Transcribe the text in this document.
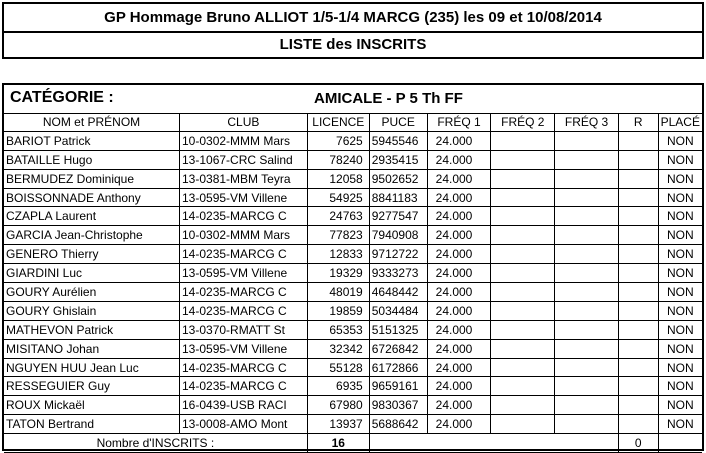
GP Hommage Bruno ALLIOT 1/5-1/4 MARCG (235) les 09 et 10/08/2014
LISTE des INSCRITS
CATÉGORIE :	AMICALE - P 5 Th FF
NOM et PRÉNOM	CLUB	LICENCE	PUCE	FRÉQ 1	FRÉQ 2	FRÉQ 3	R	PLACÉ
BARIOT Patrick	10-0302-MMM Mars	7625	5945546	24.000				NON
BATAILLE Hugo	13-1067-CRC Salind	78240	2935415	24.000				NON
BERMUDEZ Dominique	13-0381-MBM Teyra	12058	9502652	24.000				NON
BOISSONNADE Anthony	13-0595-VM Villene	54925	8841183	24.000				NON
CZAPLA Laurent	14-0235-MARCG C	24763	9277547	24.000				NON
GARCIA Jean-Christophe	10-0302-MMM Mars	77823	7940908	24.000				NON
GENERO Thierry	14-0235-MARCG C	12833	9712722	24.000				NON
GIARDINI Luc	13-0595-VM Villene	19329	9333273	24.000				NON
GOURY Aurélien	14-0235-MARCG C	48019	4648442	24.000				NON
GOURY Ghislain	14-0235-MARCG C	19859	5034484	24.000				NON
MATHEVON Patrick	13-0370-RMATT St	65353	5151325	24.000				NON
MISITANO Johan	13-0595-VM Villene	32342	6726842	24.000				NON
NGUYEN HUU Jean Luc	14-0235-MARCG C	55128	6172866	24.000				NON
RESSEGUIER Guy	14-0235-MARCG C	6935	9659161	24.000				NON
ROUX Mickaël	16-0439-USB RACI	67980	9830367	24.000				NON
TATON Bertrand	13-0008-AMO Mont	13937	5688642	24.000				NON
Nombre d'INSCRITS :		16					0	
